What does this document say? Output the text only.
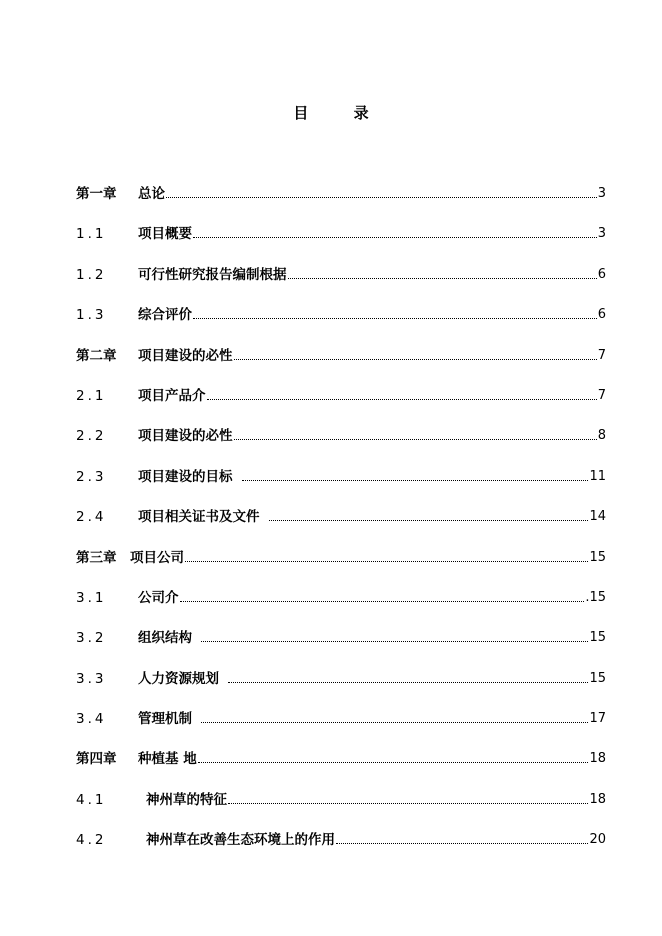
目 录
第一章	总论	3
1.1	项目概要	3
1.2	可行性研究报告编制根据	6
1.3	综合评价	6
第二章	项目建设的必性	7
2.1	项目产品介	7
2.2	项目建设的必性	8
2.3	项目建设的目标	11
2.4	项目相关证书及文件	14
第三章	项目公司	15
3.1	公司介	.15
3.2	组织结构	15
3.3	人力资源规划	15
3.4	管理机制	17
第四章	种植基 地	18
4.1	神州草的特征	18
4.2	神州草在改善生态环境上的作用	20
